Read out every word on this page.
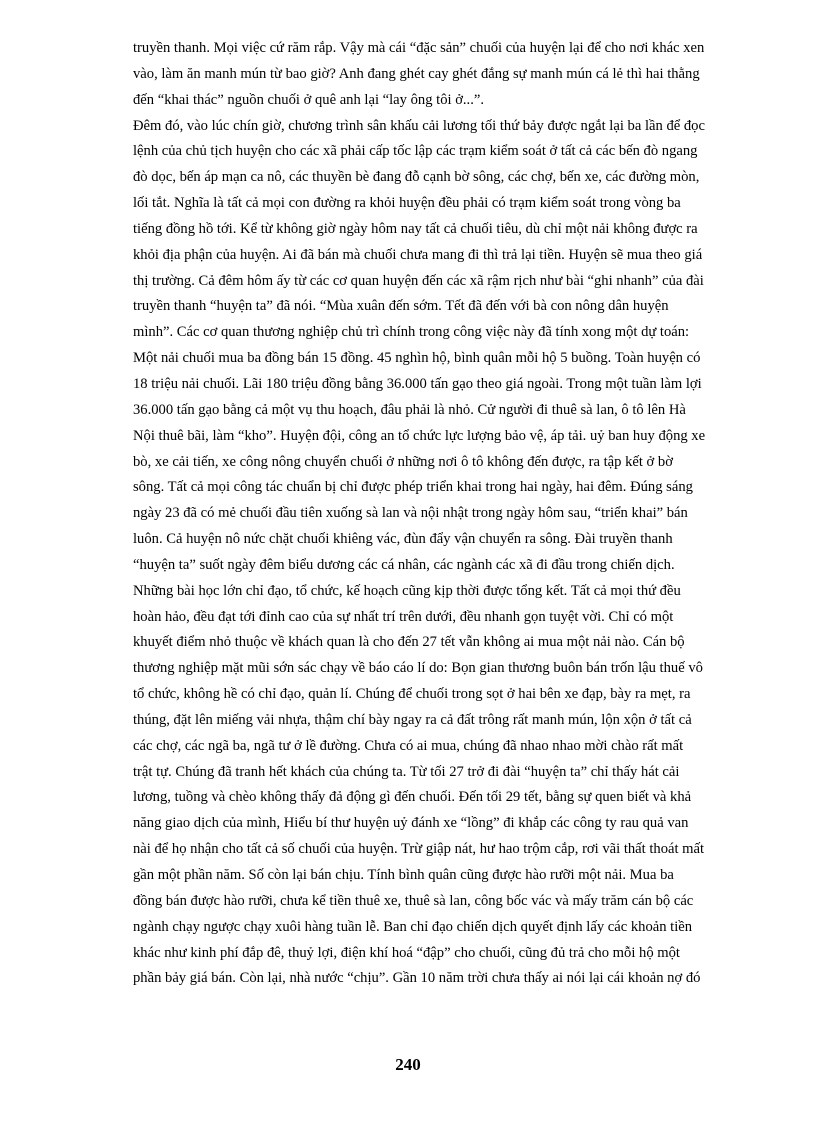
truyền thanh. Mọi việc cứ răm rắp. Vậy mà cái “đặc sản” chuối của huyện lại để cho nơi khác xen
vào, làm ăn manh mún từ bao giờ? Anh đang ghét cay ghét đắng sự manh mún cá lẻ thì hai thằng
đến “khai thác” nguồn chuối ở quê anh lại “lay ông tôi ở...”.
Đêm đó, vào lúc chín giờ, chương trình sân khấu cải lương tối thứ bảy được ngắt lại ba lần để đọc
lệnh của chủ tịch huyện cho các xã phải cấp tốc lập các trạm kiểm soát ở tất cả các bến đò ngang
đò dọc, bến áp mạn ca nô, các thuyền bè đang đỗ cạnh bờ sông, các chợ, bến xe, các đường mòn,
lối tắt. Nghĩa là tất cả mọi con đường ra khỏi huyện đều phải có trạm kiểm soát trong vòng ba
tiếng đồng hồ tới. Kể từ không giờ ngày hôm nay tất cả chuối tiêu, dù chỉ một nải không được ra
khỏi địa phận của huyện. Ai đã bán mà chuối chưa mang đi thì trả lại tiền. Huyện sẽ mua theo giá
thị trường. Cả đêm hôm ấy từ các cơ quan huyện đến các xã rậm rịch như bài “ghi nhanh” của đài
truyền thanh “huyện ta” đã nói. “Mùa xuân đến sớm. Tết đã đến với bà con nông dân huyện
mình”. Các cơ quan thương nghiệp chủ trì chính trong công việc này đã tính xong một dự toán:
Một nải chuối mua ba đồng bán 15 đồng. 45 nghìn hộ, bình quân mỗi hộ 5 buồng. Toàn huyện có
18 triệu nải chuối. Lãi 180 triệu đồng bằng 36.000 tấn gạo theo giá ngoài. Trong một tuần làm lợi
36.000 tấn gạo bằng cả một vụ thu hoạch, đâu phải là nhỏ. Cử người đi thuê sà lan, ô tô lên Hà
Nội thuê bãi, làm “kho”. Huyện đội, công an tổ chức lực lượng bảo vệ, áp tải. uỷ ban huy động xe
bò, xe cải tiến, xe công nông chuyển chuối ở những nơi ô tô không đến được, ra tập kết ở bờ
sông. Tất cả mọi công tác chuẩn bị chỉ được phép triển khai trong hai ngày, hai đêm. Đúng sáng
ngày 23 đã có mẻ chuối đầu tiên xuống sà lan và nội nhật trong ngày hôm sau, “triển khai” bán
luôn. Cả huyện nô nức chặt chuối khiêng vác, đùn đẩy vận chuyển ra sông. Đài truyền thanh
“huyện ta” suốt ngày đêm biểu dương các cá nhân, các ngành các xã đi đầu trong chiến dịch.
Những bài học lớn chỉ đạo, tổ chức, kế hoạch cũng kịp thời được tổng kết. Tất cả mọi thứ đều
hoàn hảo, đều đạt tới đỉnh cao của sự nhất trí trên dưới, đều nhanh gọn tuyệt vời. Chỉ có một
khuyết điểm nhỏ thuộc về khách quan là cho đến 27 tết vẫn không ai mua một nải nào. Cán bộ
thương nghiệp mặt mũi sớn sác chạy về báo cáo lí do: Bọn gian thương buôn bán trốn lậu thuế vô
tổ chức, không hề có chỉ đạo, quản lí. Chúng để chuối trong sọt ở hai bên xe đạp, bày ra mẹt, ra
thúng, đặt lên miếng vải nhựa, thậm chí bày ngay ra cả đất trông rất manh mún, lộn xộn ở tất cả
các chợ, các ngã ba, ngã tư ở lề đường. Chưa có ai mua, chúng đã nhao nhao mời chào rất mất
trật tự. Chúng đã tranh hết khách của chúng ta. Từ tối 27 trở đi đài “huyện ta” chỉ thấy hát cải
lương, tuồng và chèo không thấy đả động gì đến chuối. Đến tối 29 tết, bằng sự quen biết và khả
năng giao dịch của mình, Hiểu bí thư huyện uỷ đánh xe “lồng” đi khắp các công ty rau quả van
nài để họ nhận cho tất cả số chuối của huyện. Trừ giập nát, hư hao trộm cắp, rơi vãi thất thoát mất
gần một phần năm. Số còn lại bán chịu. Tính bình quân cũng được hào rưỡi một nải. Mua ba
đồng bán được hào rưỡi, chưa kể tiền thuê xe, thuê sà lan, công bốc vác và mấy trăm cán bộ các
ngành chạy ngược chạy xuôi hàng tuần lễ. Ban chỉ đạo chiến dịch quyết định lấy các khoản tiền
khác như kinh phí đắp đê, thuỷ lợi, điện khí hoá “đập” cho chuối, cũng đủ trả cho mỗi hộ một
phần bảy giá bán. Còn lại, nhà nước “chịu”. Gần 10 năm trời chưa thấy ai nói lại cái khoản nợ đó
240
